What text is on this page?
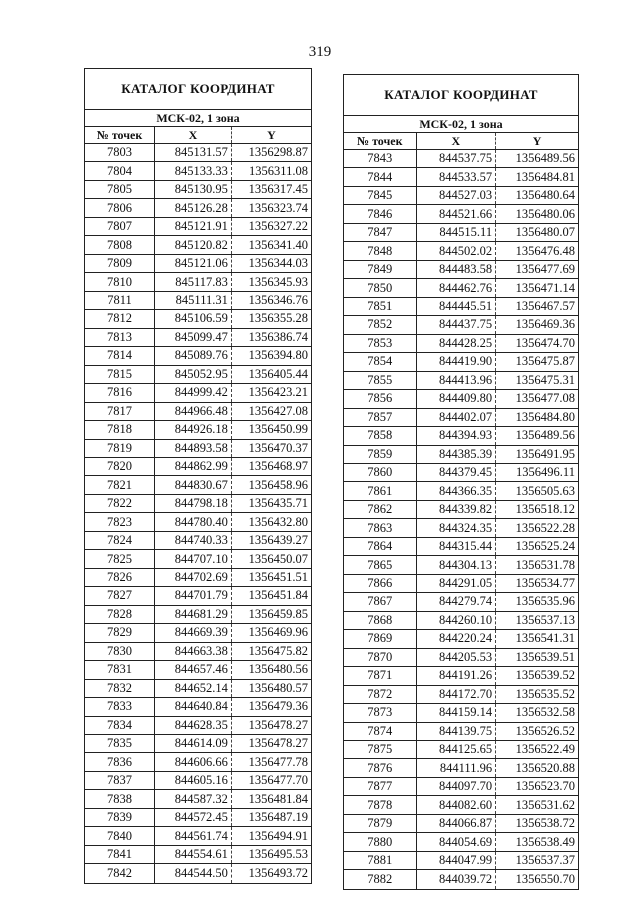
319
КАТАЛОГ КООРДИНАТ
МСК-02, 1 зона
№ точек	X	Y
7803	845131.57	1356298.87
7804	845133.33	1356311.08
7805	845130.95	1356317.45
7806	845126.28	1356323.74
7807	845121.91	1356327.22
7808	845120.82	1356341.40
7809	845121.06	1356344.03
7810	845117.83	1356345.93
7811	845111.31	1356346.76
7812	845106.59	1356355.28
7813	845099.47	1356386.74
7814	845089.76	1356394.80
7815	845052.95	1356405.44
7816	844999.42	1356423.21
7817	844966.48	1356427.08
7818	844926.18	1356450.99
7819	844893.58	1356470.37
7820	844862.99	1356468.97
7821	844830.67	1356458.96
7822	844798.18	1356435.71
7823	844780.40	1356432.80
7824	844740.33	1356439.27
7825	844707.10	1356450.07
7826	844702.69	1356451.51
7827	844701.79	1356451.84
7828	844681.29	1356459.85
7829	844669.39	1356469.96
7830	844663.38	1356475.82
7831	844657.46	1356480.56
7832	844652.14	1356480.57
7833	844640.84	1356479.36
7834	844628.35	1356478.27
7835	844614.09	1356478.27
7836	844606.66	1356477.78
7837	844605.16	1356477.70
7838	844587.32	1356481.84
7839	844572.45	1356487.19
7840	844561.74	1356494.91
7841	844554.61	1356495.53
7842	844544.50	1356493.72
КАТАЛОГ КООРДИНАТ
МСК-02, 1 зона
№ точек	X	Y
7843	844537.75	1356489.56
7844	844533.57	1356484.81
7845	844527.03	1356480.64
7846	844521.66	1356480.06
7847	844515.11	1356480.07
7848	844502.02	1356476.48
7849	844483.58	1356477.69
7850	844462.76	1356471.14
7851	844445.51	1356467.57
7852	844437.75	1356469.36
7853	844428.25	1356474.70
7854	844419.90	1356475.87
7855	844413.96	1356475.31
7856	844409.80	1356477.08
7857	844402.07	1356484.80
7858	844394.93	1356489.56
7859	844385.39	1356491.95
7860	844379.45	1356496.11
7861	844366.35	1356505.63
7862	844339.82	1356518.12
7863	844324.35	1356522.28
7864	844315.44	1356525.24
7865	844304.13	1356531.78
7866	844291.05	1356534.77
7867	844279.74	1356535.96
7868	844260.10	1356537.13
7869	844220.24	1356541.31
7870	844205.53	1356539.51
7871	844191.26	1356539.52
7872	844172.70	1356535.52
7873	844159.14	1356532.58
7874	844139.75	1356526.52
7875	844125.65	1356522.49
7876	844111.96	1356520.88
7877	844097.70	1356523.70
7878	844082.60	1356531.62
7879	844066.87	1356538.72
7880	844054.69	1356538.49
7881	844047.99	1356537.37
7882	844039.72	1356550.70
